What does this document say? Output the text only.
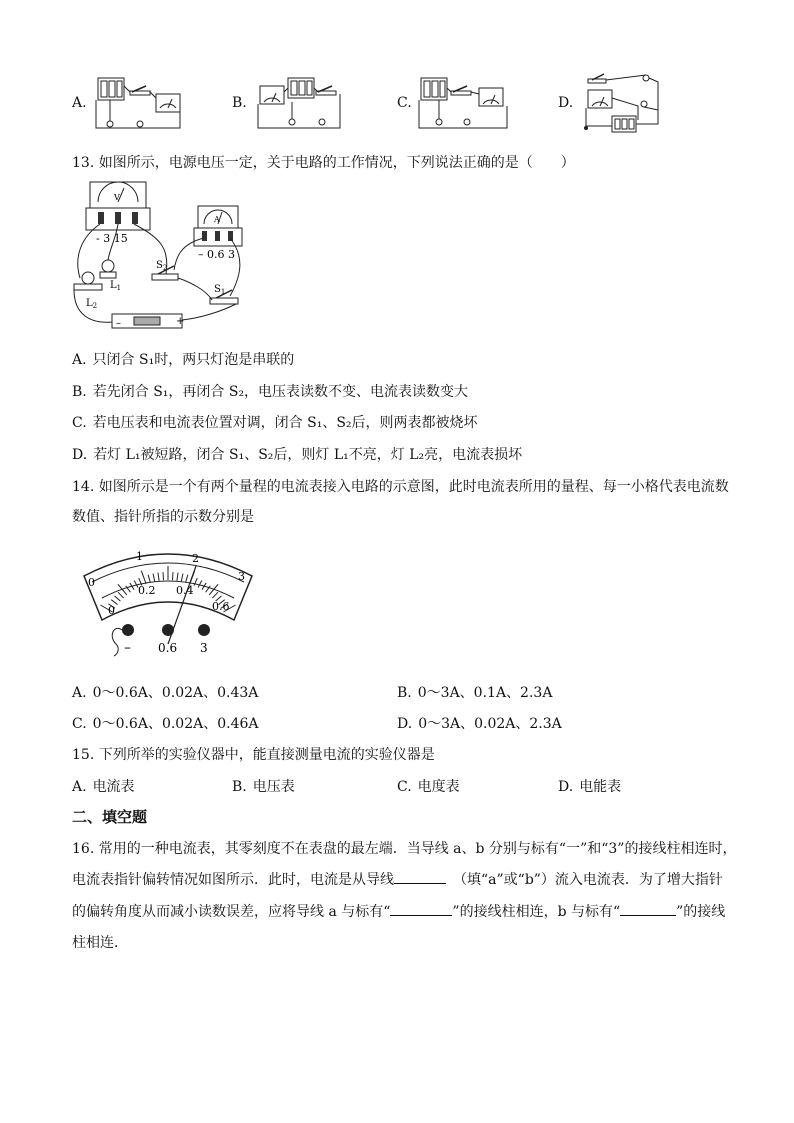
A.	B.	C.	D.
13. 如图所示，电源电压一定，关于电路的工作情况，下列说法正确的是（　　）
V
- 3 15
A
– 0.6 3
$L_1$
$L_2$
$S_2$
$S_1$
–	+
A. 只闭合 S₁时，两只灯泡是串联的
B. 若先闭合 S₁，再闭合 S₂，电压表读数不变、电流表读数变大
C. 若电压表和电流表位置对调，闭合 S₁、S₂后，则两表都被烧坏
D. 若灯 L₁被短路，闭合 S₁、S₂后，则灯 L₁不亮，灯 L₂亮，电流表损坏
14. 如图所示是一个有两个量程的电流表接入电路的示意图，此时电流表所用的量程、每一小格代表电流数
数值、指针所指的示数分别是
0
1	2
3
0
0.2 0.4
0.6
– 0.6 3
A. 0～0.6A、0.02A、0.43A	B. 0～3A、0.1A、2.3A
C. 0～0.6A、0.02A、0.46A	D. 0～3A、0.02A、2.3A
15. 下列所举的实验仪器中，能直接测量电流的实验仪器是
A. 电流表	B. 电压表	C. 电度表	D. 电能表
二、填空题
16. 常用的一种电流表，其零刻度不在表盘的最左端．当导线 a、b 分别与标有“一”和“3”的接线柱相连时，
电流表指针偏转情况如图所示．此时，电流是从导线　	（填“a”或“b”）流入电流表．为了增大指针
的偏转角度从而减小读数误差，应将导线 a 与标有“	”的接线柱相连，b 与标有“	”的接线
柱相连．
